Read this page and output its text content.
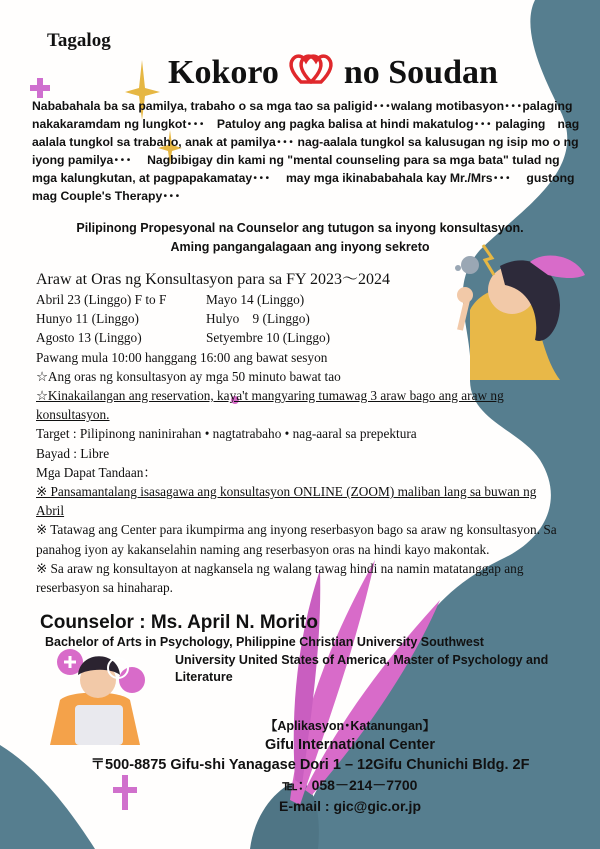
Tagalog
Kokoro no Soudan

Nababahala ba sa pamilya, trabaho o sa mga tao sa paligid･･･walang motibasyon･･･palaging nakakaramdam ng lungkot･･･　Patuloy ang pagka balisa at hindi makatulog･･･ palaging　nag aalala tungkol sa trabaho, anak at pamilya･･･ nag-aalala tungkol sa kalusugan ng isip mo o ng iyong pamilya･･･　 Nagbibigay din kami ng "mental counseling para sa mga bata" tulad ng mga kalungkutan, at pagpapakamatay･･･　 may mga ikinababahala kay Mr./Mrs･･･　 gustong mag Couple's Therapy･･･

Pilipinong Propesyonal na Counselor ang tutugon sa inyong konsultasyon.
Aming pangangalagaan ang inyong sekreto
Araw at Oras ng Konsultasyon para sa FY 2023〜2024
Abril 23 (Linggo) F to F	Mayo 14 (Linggo)
Hunyo 11 (Linggo)	Hulyo　9 (Linggo)
Agosto 13 (Linggo)	Setyembre 10 (Linggo)
Pawang mula 10:00 hanggang 16:00 ang bawat sesyon
☆Ang oras ng konsultasyon ay mga 50 minuto bawat tao
☆Kinakailangan ang reservation, kaya't mangyaring tumawag 3 araw bago ang araw ng konsultasyon.
Target : Pilipinong naninirahan • nagtatrabaho • nag-aaral sa prepektura
Bayad : Libre
Mga Dapat Tandaan：
※ Pansamantalang isasagawa ang konsultasyon ONLINE (ZOOM) maliban lang sa buwan ng Abril
※ Tatawag ang Center para ikumpirma ang inyong reserbasyon bago sa araw ng konsultasyon. Sa panahog iyon ay kakanselahin naming ang reserbasyon oras na hindi kayo makontak.
※ Sa araw ng konsultayon at nagkansela ng walang tawag hindi na namin matatanggap ang reserbasyon sa hinaharap.
Counselor : Ms. April N. Morito
Bachelor of Arts in Psychology, Philippine Christian University Southwest
University United States of America, Master of Psychology and Literature
【Aplikasyon･Katanungan】
Gifu International Center
〒500-8875 Gifu-shi Yanagase Dori 1 – 12Gifu Chunichi Bldg. 2F
℡：058－214－7700
E-mail : gic@gic.or.jp
